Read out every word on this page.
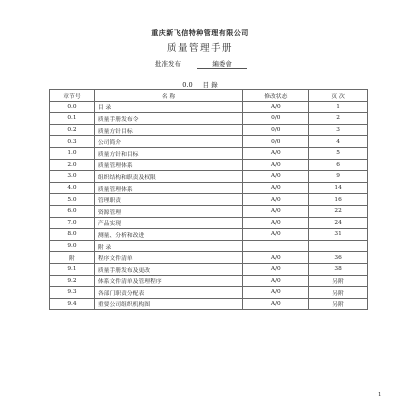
重庆新飞信特种管理有限公司
质量管理手册
批准发布	編委會
0.0 目 錄
章节号	名 称	修改状态	页 次
0.0	目 录	A/0	1
0.1	质量手册发布令	0/0	2
0.2	质量方针目标	0/0	3
0.3	公司简介	0/0	4
1.0	质量方针和目标	A/0	5
2.0	质量管理体系	A/0	6
3.0	组织结构和职责及权限	A/0	9
4.0	质量管理体系	A/0	14
5.0	管理职责	A/0	16
6.0	资源管理	A/0	22
7.0	产品实现	A/0	24
8.0	测量、分析和改进	A/0	31
9.0	附 录		
附	程序文件清单	A/0	36
9.1	质量手册发布及更改	A/0	38
9.2	体系文件清单及管理程序	A/0	另附
9.3	各部门职责分配表	A/0	另附
9.4	重要公司组织机构图	A/0	另附
1
